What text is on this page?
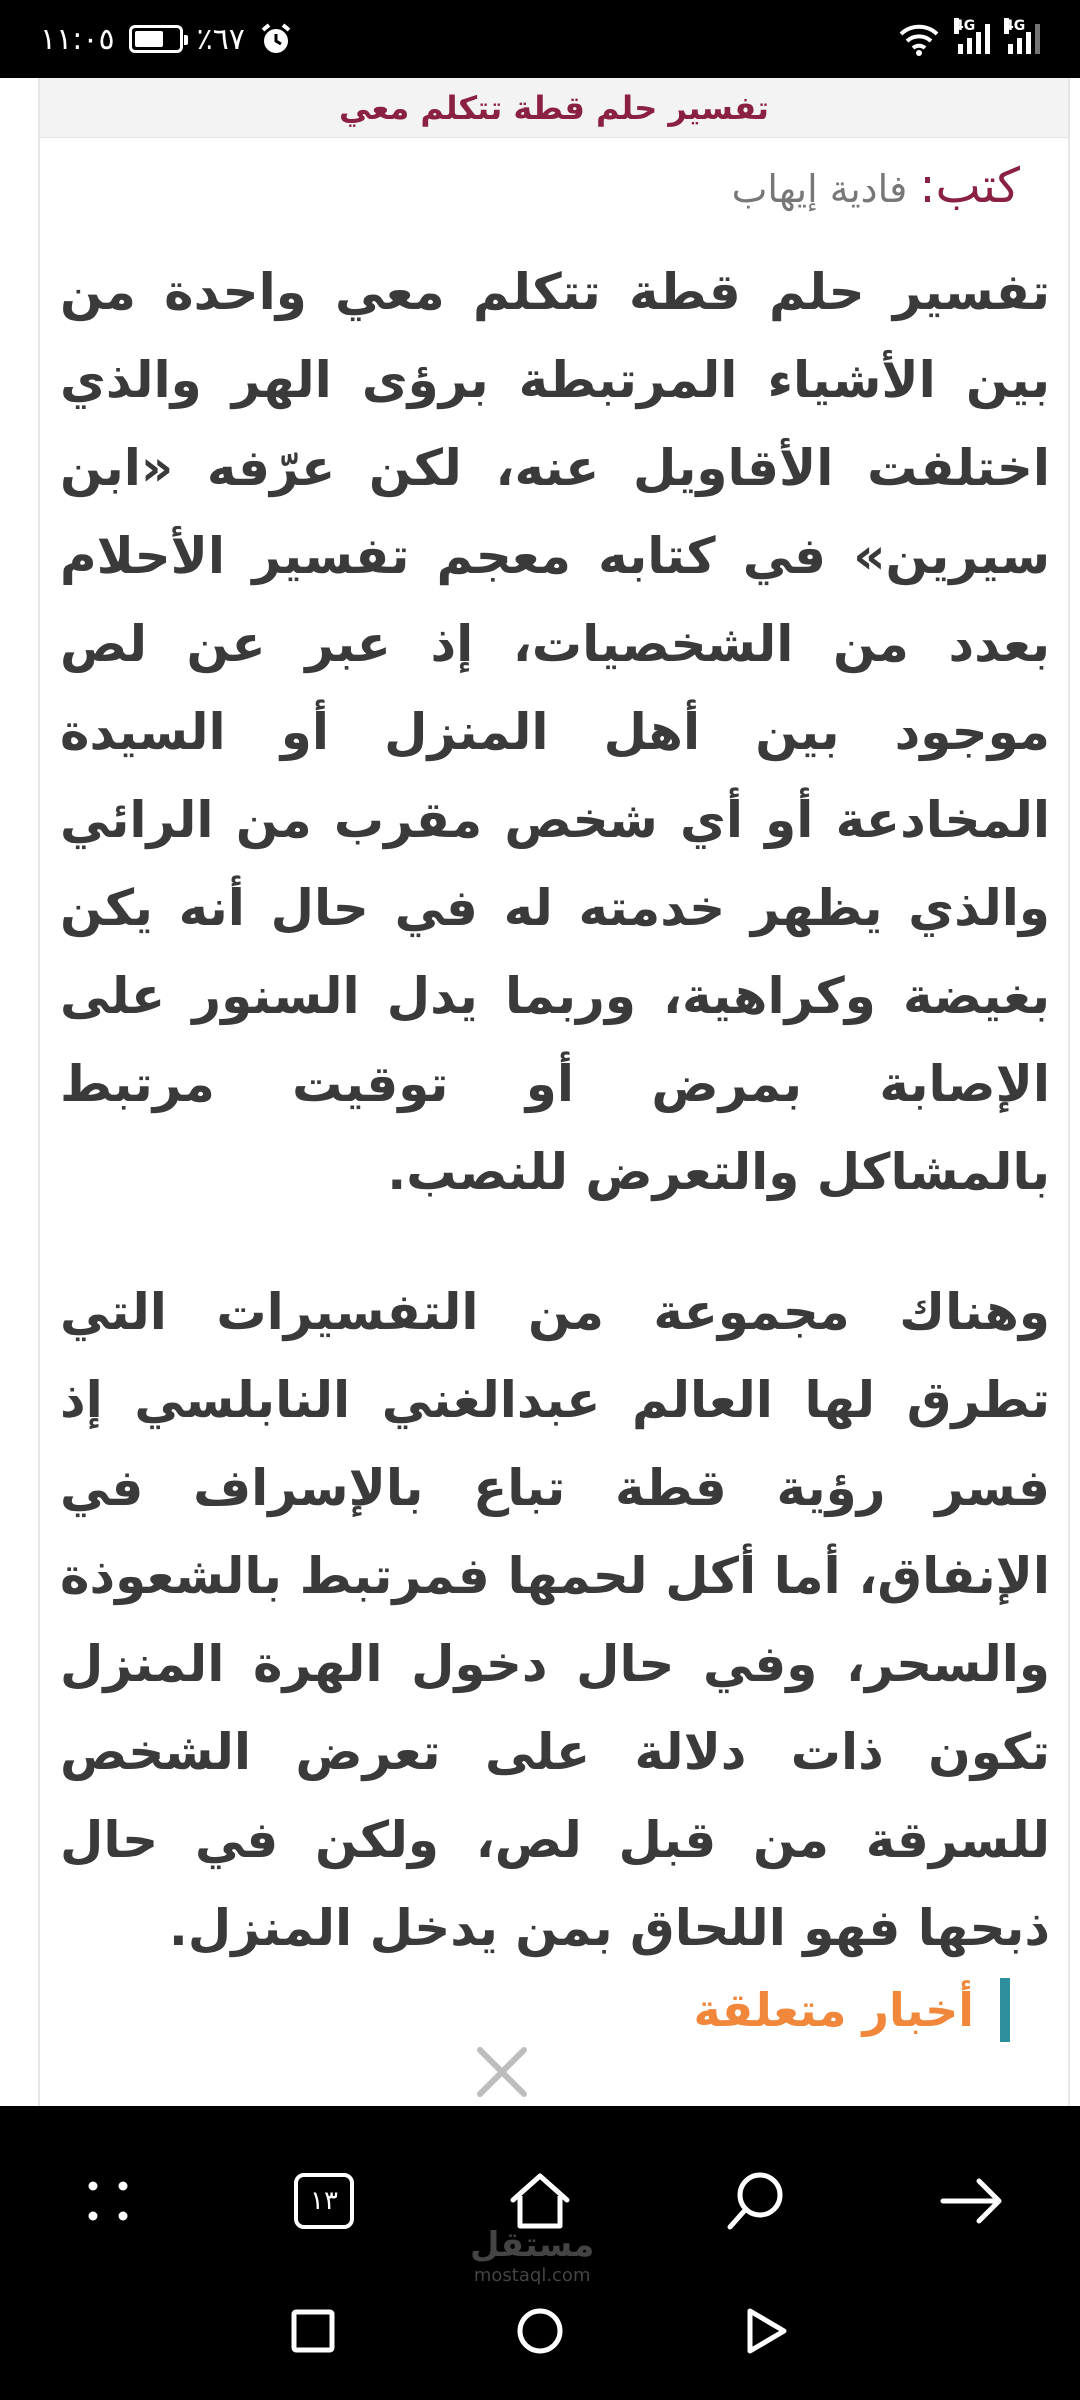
١١:٠٥	٪٦٧	4G 4G
تفسير حلم قطة تتكلم معي
كتب:
فادية إيهاب

تفسير حلم قطة تتكلم معي واحدة من بين الأشياء المرتبطة برؤى الهر والذي اختلفت الأقاويل عنه، لكن عرّفه «ابن سيرين» في كتابه معجم تفسير الأحلام بعدد من الشخصيات، إذ عبر عن لص موجود بين أهل المنزل أو السيدة المخادعة أو أي شخص مقرب من الرائي والذي يظهر خدمته له في حال أنه يكن بغيضة وكراهية، وربما يدل السنور على الإصابة بمرض أو توقيت مرتبط بالمشاكل والتعرض للنصب.

وهناك مجموعة من التفسيرات التي تطرق لها العالم عبدالغني النابلسي إذ فسر رؤية قطة تباع بالإسراف في الإنفاق، أما أكل لحمها فمرتبط بالشعوذة والسحر، وفي حال دخول الهرة المنزل تكون ذات دلالة على تعرض الشخص للسرقة من قبل لص، ولكن في حال ذبحها فهو اللحاق بمن يدخل المنزل.

أخبار متعلقة
١٣
مستقل
mostaql.com
